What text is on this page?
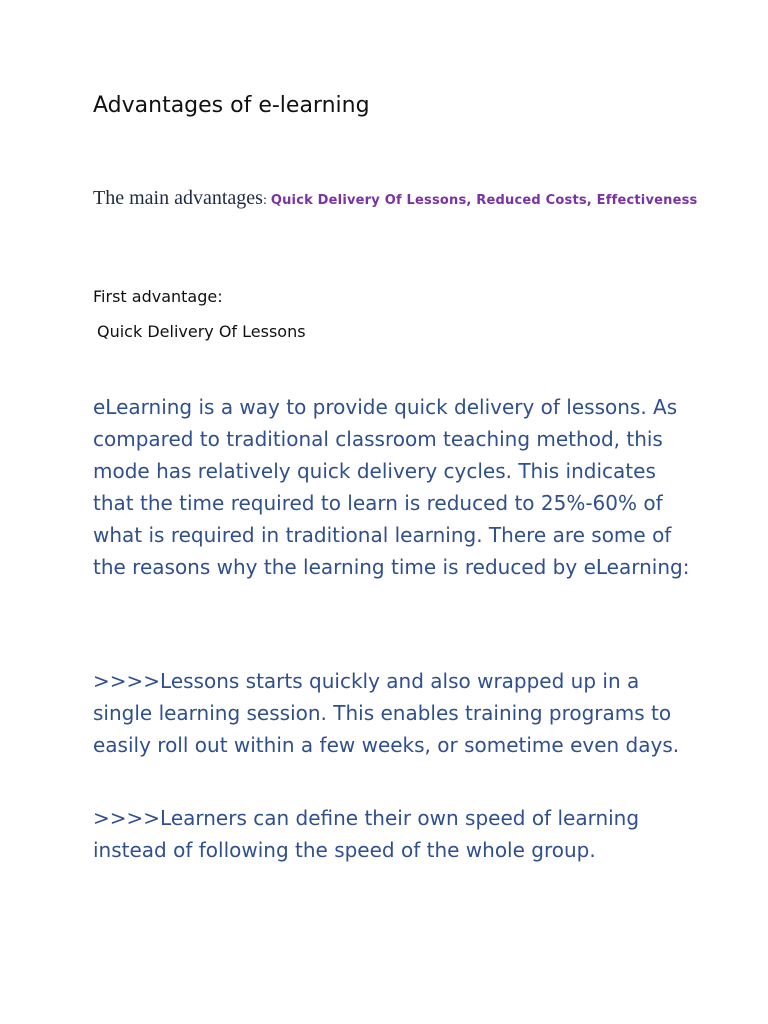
Advantages of e-learning

The main advantages: Quick Delivery Of Lessons, Reduced Costs, Effectiveness

First advantage:

Quick Delivery Of Lessons

eLearning is a way to provide quick delivery of lessons. As compared to traditional classroom teaching method, this mode has relatively quick delivery cycles. This indicates that the time required to learn is reduced to 25%-60% of what is required in traditional learning. There are some of the reasons why the learning time is reduced by eLearning:

>>>>Lessons starts quickly and also wrapped up in a single learning session. This enables training programs to easily roll out within a few weeks, or sometime even days.

>>>>Learners can define their own speed of learning instead of following the speed of the whole group.
